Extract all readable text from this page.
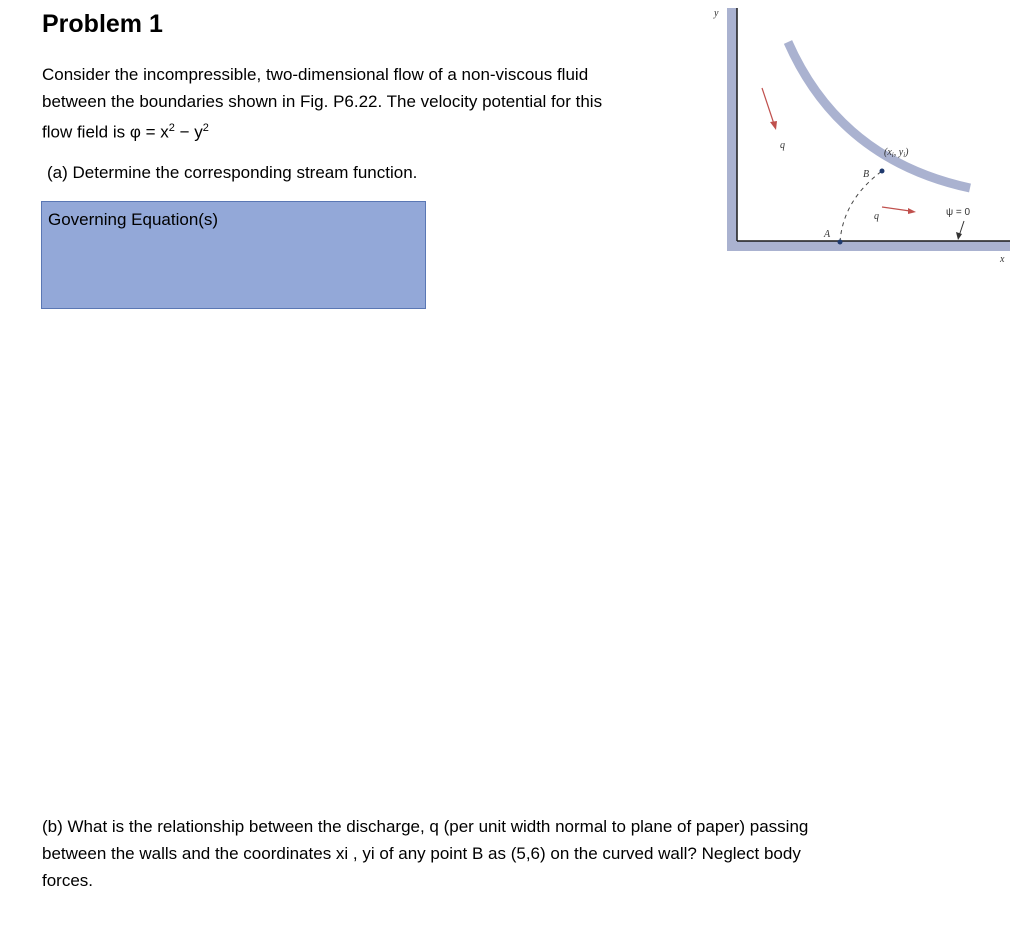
Problem 1
Consider the incompressible, two-dimensional flow of a non-viscous fluid
between the boundaries shown in Fig. P6.22. The velocity potential for this
flow field is $\varphi = x^2 - y^2$

(a) Determine the corresponding stream function.

Governing Equation(s)
(b) What is the relationship between the discharge, q (per unit width normal to plane of paper) passing
between the walls and the coordinates xi , yi of any point B as (5,6) on the curved wall? Neglect body
forces.
y
x
q
q
B
A
($x_i$, $y_i$)
ψ = 0
